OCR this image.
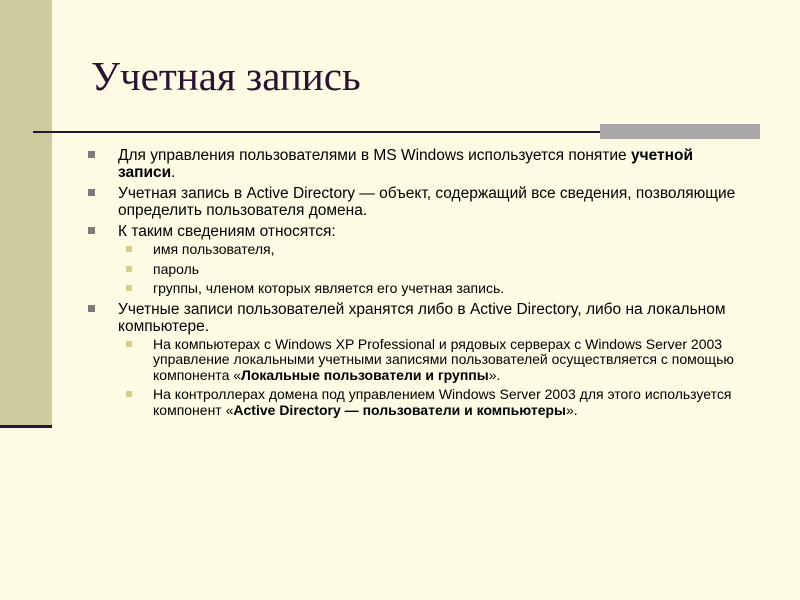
Учетная запись
Для управления пользователями в MS Windows используется понятие учетной записи.
Учетная запись в Active Directory — объект, содержащий все сведения, позволяющие определить пользователя домена.
К таким сведениям относятся:
имя пользователя,
пароль
группы, членом которых является его учетная запись.
Учетные записи пользователей хранятся либо в Active Directory, либо на локальном компьютере.
На компьютерах с Windows XP Professional и рядовых серверах с Windows Server 2003 управление локальными учетными записями пользователей осуществляется с помощью компонента «Локальные пользователи и группы».
На контроллерах домена под управлением Windows Server 2003 для этого используется компонент «Active Directory — пользователи и компьютеры».
